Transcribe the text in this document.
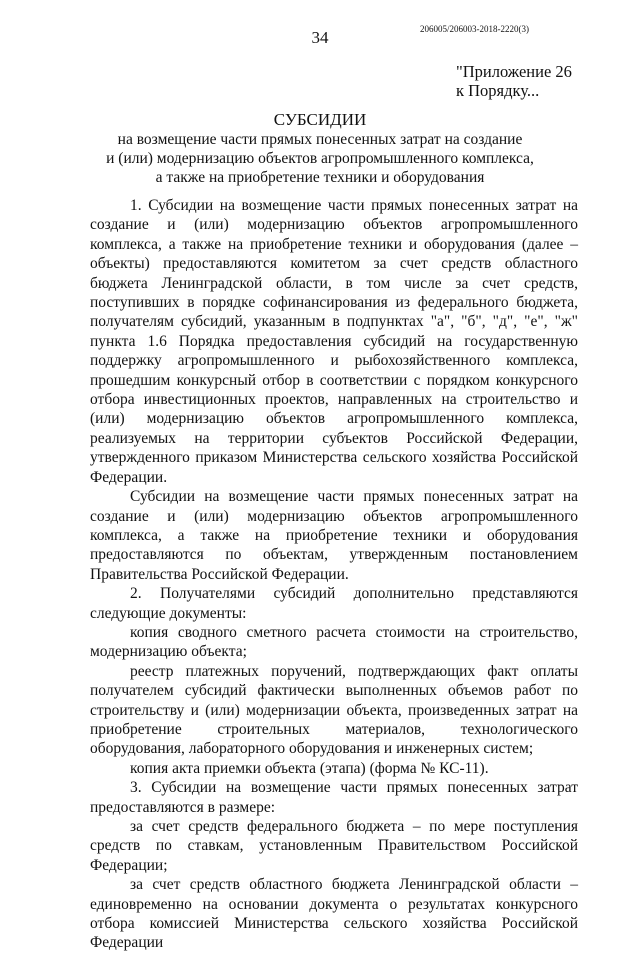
34	206005/206003-2018-2220(3)
"Приложение 26
к Порядку...
СУБСИДИИ
на возмещение части прямых понесенных затрат на создание
и (или) модернизацию объектов агропромышленного комплекса,
а также на приобретение техники и оборудования

1. Субсидии на возмещение части прямых понесенных затрат на создание и (или) модернизацию объектов агропромышленного комплекса, а также на приобретение техники и оборудования (далее – объекты) предоставляются комитетом за счет средств областного бюджета Ленинградской области, в том числе за счет средств, поступивших в порядке софинансирования из федерального бюджета, получателям субсидий, указанным в подпунктах "а", "б", "д", "е", "ж" пункта 1.6 Порядка предоставления субсидий на государственную поддержку агропромышленного и рыбохозяйственного комплекса, прошедшим конкурсный отбор в соответствии с порядком конкурсного отбора инвестиционных проектов, направленных на строительство и (или) модернизацию объектов агропромышленного комплекса, реализуемых на территории субъектов Российской Федерации, утвержденного приказом Министерства сельского хозяйства Российской Федерации.

Субсидии на возмещение части прямых понесенных затрат на создание и (или) модернизацию объектов агропромышленного комплекса, а также на приобретение техники и оборудования предоставляются по объектам, утвержденным постановлением Правительства Российской Федерации.

2. Получателями субсидий дополнительно представляются следующие документы:

копия сводного сметного расчета стоимости на строительство, модернизацию объекта;

реестр платежных поручений, подтверждающих факт оплаты получателем субсидий фактически выполненных объемов работ по строительству и (или) модернизации объекта, произведенных затрат на приобретение строительных материалов, технологического оборудования, лабораторного оборудования и инженерных систем;

копия акта приемки объекта (этапа) (форма № КС-11).

3. Субсидии на возмещение части прямых понесенных затрат предоставляются в размере:

за счет средств федерального бюджета – по мере поступления средств по ставкам, установленным Правительством Российской Федерации;

за счет средств областного бюджета Ленинградской области – единовременно на основании документа о результатах конкурсного отбора комиссией Министерства сельского хозяйства Российской Федерации
